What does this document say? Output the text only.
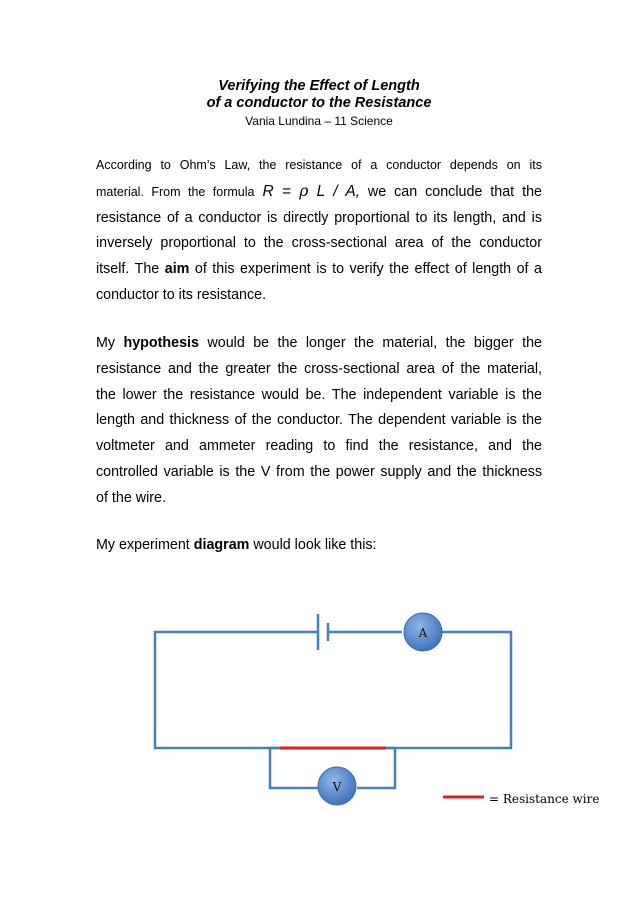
Verifying the Effect of Length
of a conductor to the Resistance
Vania Lundina – 11 Science
According to Ohm’s Law, the resistance of a conductor depends on its
material. From the formula R = ρ L / A, we can conclude that the
resistance of a conductor is directly proportional to its length, and is
inversely proportional to the cross-sectional area of the conductor
itself. The aim of this experiment is to verify the effect of length of a
conductor to its resistance.
My hypothesis would be the longer the material, the bigger the
resistance and the greater the cross-sectional area of the material,
the lower the resistance would be. The independent variable is the
length and thickness of the conductor. The dependent variable is the
voltmeter and ammeter reading to find the resistance, and the
controlled variable is the V from the power supply and the thickness
of the wire.
My experiment diagram would look like this:
A
V
= Resistance wire
